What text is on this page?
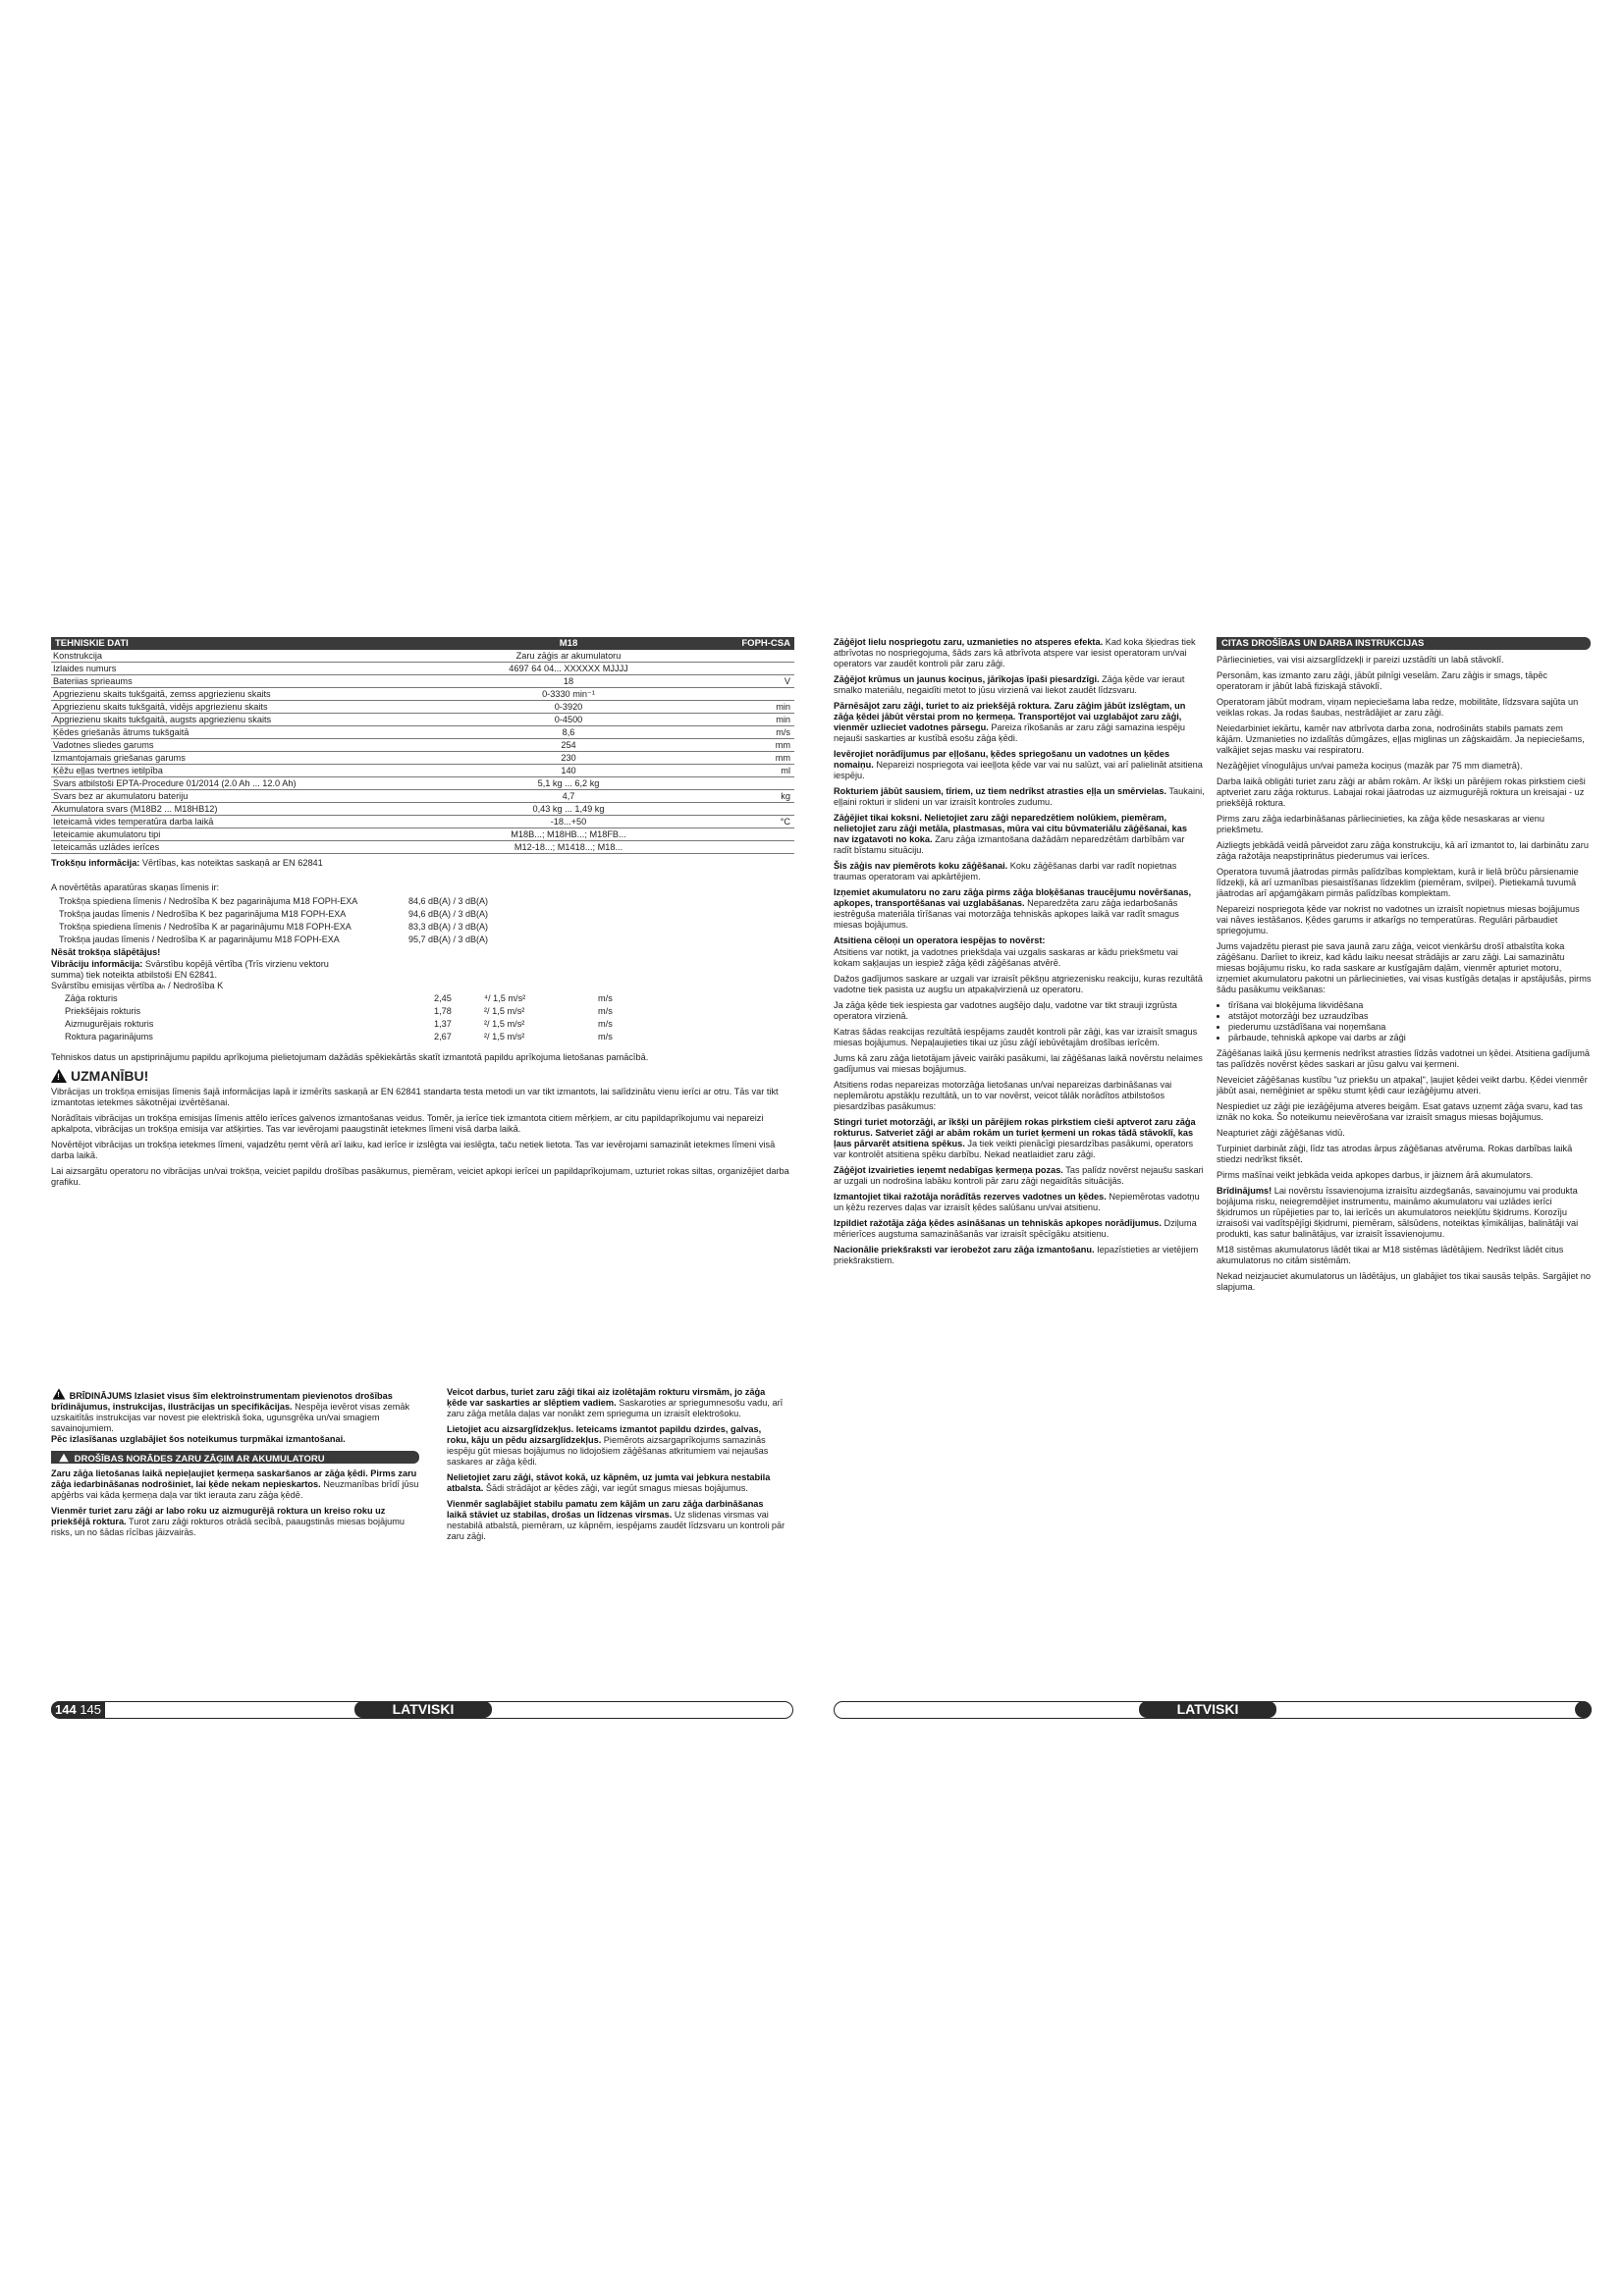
TEHNISKIE DATI	M18	FOPH-CSA
Konstrukcija	Zaru zāģis ar akumulatoru	
Izlaides numurs	4697 64 04... XXXXXX MJJJJ	
Bateriias sprieaums	18	V
Apgriezienu skaits tukšgaitā, zemss apgriezienu skaits	0-3330 min⁻¹	
Apgriezienu skaits tukšgaitā, vidējs apgriezienu skaits	0-3920	min
Apgriezienu skaits tukšgaitā, augsts apgriezienu skaits	0-4500	min
Ķēdes griešanās ātrums tukšgaitā	8,6	m/s
Vadotnes sliedes garums	254	mm
Izmantojamais griešanas garums	230	mm
Ķēžu eļļas tvertnes ietilpība	140	ml
Svars atbilstoši EPTA-Procedure 01/2014 (2.0 Ah ... 12.0 Ah)	5,1 kg ... 6,2 kg	
Svars bez ar akumulatoru bateriju	4,7	kg
Akumulatora svars (M18B2 ... M18HB12)	0,43 kg ... 1,49 kg	
Ieteicamā vides temperatūra darba laikā	-18...+50	°C
Ieteicamie akumulatoru tipi	M18B...; M18HB...; M18FB...	
Ieteicamās uzlādes ierīces	M12-18...; M1418...; M18...	

Trokšņu informācija: Vērtības, kas noteiktas saskaņā ar EN 62841

A novērtētās aparatūras skaņas līmenis ir:

Trokšņa spiediena līmenis / Nedrošība K bez pagarinājuma M18 FOPH-EXA	84,6 dB(A) / 3 dB(A)
Trokšņa jaudas līmenis / Nedrošība K bez pagarinājuma M18 FOPH-EXA	94,6 dB(A) / 3 dB(A)
Trokšņa spiediena līmenis / Nedrošība K ar pagarinājumu M18 FOPH-EXA	83,3 dB(A) / 3 dB(A)
Trokšņa jaudas līmenis / Nedrošība K ar pagarinājumu M18 FOPH-EXA	95,7 dB(A) / 3 dB(A)

Nēsāt trokšņa slāpētājus!

Vibrāciju informācija: Svārstību kopējā vērtība (Trīs virzienu vektoru summa) tiek noteikta atbilstoši EN 62841.

Svārstību emisijas vērtība aₕ / Nedrošība K

Zāģa rokturis	2,45	⁴/ 1,5 m/s²	m/s
Priekšējais rokturis	1,78	²/ 1,5 m/s²	m/s
Aizmugurējais rokturis	1,37	²/ 1,5 m/s²	m/s
Roktura pagarinājums	2,67	²/ 1,5 m/s²	m/s

Tehniskos datus un apstiprinājumu papildu aprīkojuma pielietojumam dažādās spēkiekārtās skatīt izmantotā papildu aprīkojuma lietošanas pamācībā.

! UZMANĪBU!

Vibrācijas un trokšņa emisijas līmenis šajā informācijas lapā ir izmērīts saskaņā ar EN 62841 standarta testa metodi un var tikt izmantots, lai salīdzinātu vienu ierīci ar otru. Tās var tikt izmantotas ietekmes sākotnējai izvērtēšanai.

Norādītais vibrācijas un trokšņa emisijas līmenis attēlo ierīces galvenos izmantošanas veidus. Tomēr, ja ierīce tiek izmantota citiem mērķiem, ar citu papildaprīkojumu vai nepareizi apkalpota, vibrācijas un trokšņa emisija var atšķirties. Tas var ievērojami paaugstināt ietekmes līmeni visā darba laikā.

Novērtējot vibrācijas un trokšņa ietekmes līmeni, vajadzētu ņemt vērā arī laiku, kad ierīce ir izslēgta vai ieslēgta, taču netiek lietota. Tas var ievērojami samazināt ietekmes līmeni visā darba laikā.

Lai aizsargātu operatoru no vibrācijas un/vai trokšņa, veiciet papildu drošības pasākumus, piemēram, veiciet apkopi ierīcei un papildaprīkojumam, uzturiet rokas siltas, organizējiet darba grafiku.

! BRĪDINĀJUMS Izlasiet visus šīm elektroinstrumentam pievienotos drošības brīdinājumus, instrukcijas, ilustrācijas un specifikācijas. Nespēja ievērot visas zemāk uzskaitītās instrukcijas var novest pie elektriskā šoka, ugunsgrēka un/vai smagiem savainojumiem.
Pēc izlasīšanas uzglabājiet šos noteikumus turpmākai izmantošanai.

DROŠĪBAS NORĀDES ZARU ZĀĢIM AR AKUMULATORU

Zaru zāģa lietošanas laikā nepieļaujiet ķermeņa saskaršanos ar zāģa ķēdi. Pirms zaru zāģa iedarbināšanas nodrošiniet, lai ķēde nekam nepieskartos. Neuzmanības brīdī jūsu apģērbs vai kāda ķermeņa daļa var tikt ierauta zaru zāģa ķēdē.

Vienmēr turiet zaru zāģi ar labo roku uz aizmugurējā roktura un kreiso roku uz priekšējā roktura. Turot zaru zāģi rokturos otrādā secībā, paaugstinās miesas bojājumu risks, un no šādas rīcības jāizvairās.

Veicot darbus, turiet zaru zāģi tikai aiz izolētajām rokturu virsmām, jo zāģa ķēde var saskarties ar slēptiem vadiem. Saskaroties ar spriegumnesošu vadu, arī zaru zāģa metāla daļas var nonākt zem sprieguma un izraisīt elektrošoku.

Lietojiet acu aizsarglīdzekļus. Ieteicams izmantot papildu dzirdes, galvas, roku, kāju un pēdu aizsarglīdzekļus. Piemērots aizsargaprīkojums samazinās iespēju gūt miesas bojājumus no lidojošiem zāģēšanas atkritumiem vai nejaušas saskares ar zāģa ķēdi.

Nelietojiet zaru zāģi, stāvot kokā, uz kāpnēm, uz jumta vai jebkura nestabila atbalsta. Šādi strādājot ar ķēdes zāģi, var iegūt smagus miesas bojājumus.

Vienmēr saglabājiet stabilu pamatu zem kājām un zaru zāģa darbināšanas laikā stāviet uz stabilas, drošas un līdzenas virsmas. Uz slidenas virsmas vai nestabilā atbalstā, piemēram, uz kāpnēm, iespējams zaudēt līdzsvaru un kontroli pār zaru zāģi.

144 145	LATVISKI

Zāģējot lielu nospriegotu zaru, uzmanieties no atsperes efekta. Kad koka šķiedras tiek atbrīvotas no nospriegojuma, šāds zars kā atbrīvota atspere var iesist operatoram un/vai operators var zaudēt kontroli pār zaru zāģi.

Zāģējot krūmus un jaunus kociņus, jārīkojas īpaši piesardzīgi. Zāģa ķēde var ieraut smalko materiālu, negaidīti metot to jūsu virzienā vai liekot zaudēt līdzsvaru.

Pārnēsājot zaru zāģi, turiet to aiz priekšējā roktura. Zaru zāģim jābūt izslēgtam, un zāģa ķēdei jābūt vērstai prom no ķermeņa. Transportējot vai uzglabājot zaru zāģi, vienmēr uzlieciet vadotnes pārsegu. Pareiza rīkošanās ar zaru zāģi samazina iespēju nejauši saskarties ar kustībā esošu zāģa ķēdi.

Ievērojiet norādījumus par eļļošanu, ķēdes spriegošanu un vadotnes un ķēdes nomaiņu. Nepareizi nospriegota vai ieeļļota ķēde var vai nu salūzt, vai arī palielināt atsitiena iespēju.

Rokturiem jābūt sausiem, tīriem, uz tiem nedrīkst atrasties eļļa un smērvielas. Taukaini, eļļaini rokturi ir slideni un var izraisīt kontroles zudumu.

Zāģējiet tikai koksni. Nelietojiet zaru zāģi neparedzētiem nolūkiem, piemēram, nelietojiet zaru zāģi metāla, plastmasas, mūra vai citu būvmateriālu zāģēšanai, kas nav izgatavoti no koka. Zaru zāģa izmantošana dažādām neparedzētām darbībām var radīt bīstamu situāciju.

Šis zāģis nav piemērots koku zāģēšanai. Koku zāģēšanas darbi var radīt nopietnas traumas operatoram vai apkārtējiem.

Izņemiet akumulatoru no zaru zāģa pirms zāģa bloķēšanas traucējumu novēršanas, apkopes, transportēšanas vai uzglabāšanas. Neparedzēta zaru zāģa iedarbošanās iestrēguša materiāla tīrīšanas vai motorzāģa tehniskās apkopes laikā var radīt smagus miesas bojājumus.

Atsitiena cēloņi un operatora iespējas to novērst:

Atsitiens var notikt, ja vadotnes priekšdaļa vai uzgalis saskaras ar kādu priekšmetu vai kokam saķļaujas un iespiež zāģa ķēdi zāģēšanas atvērē.

Dažos gadījumos saskare ar uzgali var izraisīt pēkšņu atgriezenisku reakciju, kuras rezultātā vadotne tiek pasista uz augšu un atpakaļvirzienā uz operatoru.

Ja zāģa ķēde tiek iespiesta gar vadotnes augšējo daļu, vadotne var tikt strauji izgrūsta operatora virzienā.

Katras šādas reakcijas rezultātā iespējams zaudēt kontroli pār zāģi, kas var izraisīt smagus miesas bojājumus. Nepaļaujieties tikai uz jūsu zāģī iebūvētajām drošības ierīcēm.

Jums kā zaru zāģa lietotājam jāveic vairāki pasākumi, lai zāģēšanas laikā novērstu nelaimes gadījumus vai miesas bojājumus.

Atsitiens rodas nepareizas motorzāģa lietošanas un/vai nepareizas darbināšanas vai neplemārotu apstākļu rezultātā, un to var novērst, veicot tālāk norādītos atbilstošos piesardzības pasākumus:

Stingri turiet motorzāģi, ar īkšķi un pārējiem rokas pirkstiem cieši aptverot zaru zāģa rokturus. Satveriet zāģi ar abām rokām un turiet ķermeni un rokas tādā stāvoklī, kas ļaus pārvarēt atsitiena spēkus. Ja tiek veikti pienācīgi piesardzības pasākumi, operators var kontrolēt atsitiena spēku darbību. Nekad neatlaidiet zaru zāģi.

Zāģējot izvairieties ieņemt nedabīgas ķermeņa pozas. Tas palīdz novērst nejaušu saskari ar uzgali un nodrošina labāku kontroli pār zaru zāģi negaidītās situācijās.

Izmantojiet tikai ražotāja norādītās rezerves vadotnes un ķēdes. Nepiemērotas vadotņu un ķēžu rezerves daļas var izraisīt ķēdes salūšanu un/vai atsitienu.

Izpildiet ražotāja zāģa ķēdes asināšanas un tehniskās apkopes norādījumus. Dziļuma mērierīces augstuma samazināšanās var izraisīt spēcīgāku atsitienu.

Nacionālie priekšraksti var ierobežot zaru zāģa izmantošanu. Iepazīstieties ar vietējiem priekšrakstiem.

CITAS DROŠĪBAS UN DARBA INSTRUKCIJAS

Pārliecinieties, vai visi aizsarglīdzekļi ir pareizi uzstādīti un labā stāvoklī.

Personām, kas izmanto zaru zāģi, jābūt pilnīgi veselām. Zaru zāģis ir smags, tāpēc operatoram ir jābūt labā fiziskajā stāvoklī.

Operatoram jābūt modram, viņam nepieciešama laba redze, mobilitāte, līdzsvara sajūta un veiklas rokas. Ja rodas šaubas, nestrādājiet ar zaru zāģi.

Neiedarbiniet iekārtu, kamēr nav atbrīvota darba zona, nodrošināts stabils pamats zem kājām. Uzmanieties no izdalītās dūmgāzes, eļļas miglinas un zāģskaidām. Ja nepieciešams, valkājiet sejas masku vai respiratoru.

Nezāģējiet vīnogulājus un/vai pameža kociņus (mazāk par 75 mm diametrā).

Darba laikā obligāti turiet zaru zāģi ar abām rokām. Ar īkšķi un pārējiem rokas pirkstiem cieši aptveriet zaru zāģa rokturus. Labajai rokai jāatrodas uz aizmugurējā roktura un kreisajai - uz priekšējā roktura.

Pirms zaru zāģa iedarbināšanas pārliecinieties, ka zāģa ķēde nesaskaras ar vienu priekšmetu.

Aizliegts jebkādā veidā pārveidot zaru zāģa konstrukciju, kā arī izmantot to, lai darbinātu zaru zāģa ražotāja neapstiprinātus piederumus vai ierīces.

Operatora tuvumā jāatrodas pirmās palīdzības komplektam, kurā ir lielā brūču pārsienamie līdzekļi, kā arī uzmanības piesaistīšanas līdzeklim (piemēram, svilpei). Pietiekamā tuvumā jāatrodas arī apģamģākam pirmās palīdzības komplektam.

Nepareizi nospriegota ķēde var nokrist no vadotnes un izraisīt nopietnus miesas bojājumus vai nāves iestāšanos. Ķēdes garums ir atkarīgs no temperatūras. Regulāri pārbaudiet spriegojumu.

Jums vajadzētu pierast pie sava jaunā zaru zāģa, veicot vienkāršu drošī atbalstīta koka zāģēšanu. Darīiet to ikreiz, kad kādu laiku neesat strādājis ar zaru zāģi. Lai samazinātu miesas bojājumu risku, ko rada saskare ar kustīgajām daļām, vienmēr apturiet motoru, izņemiet akumulatoru pakotni un pārliecinieties, vai visas kustīgās detaļas ir apstājušās, pirms šādu pasākumu veikšanas:

• tīrīšana vai bloķējuma likvidēšana
• atstājot motorzāģi bez uzraudzības
• piederumu uzstādīšana vai noņemšana
• pārbaude, tehniskā apkope vai darbs ar zāģi

Zāģēšanas laikā jūsu ķermenis nedrīkst atrasties līdzās vadotnei un ķēdei. Atsitiena gadījumā tas palīdzēs novērst ķēdes saskari ar jūsu galvu vai ķermeni.

Neveiciet zāģēšanas kustību "uz priekšu un atpakaļ", ļaujiet ķēdei veikt darbu. Ķēdei vienmēr jābūt asai, nemēģiniet ar spēku stumt ķēdi caur iezāģējumu atveri.

Nespiediet uz zāģi pie iezāģējuma atveres beigām. Esat gatavs uzņemt zāģa svaru, kad tas iznāk no koka. Šo noteikumu neievērošana var izraisīt smagus miesas bojājumus.

Neapturiet zāģi zāģēšanas vidū.

Turpiniet darbināt zāģi, līdz tas atrodas ārpus zāģēšanas atvēruma. Rokas darbības laikā stiedzi nedrīkst fiksēt.

Pirms mašīnai veikt jebkāda veida apkopes darbus, ir jāiznem ārā akumulators.

Brīdinājums! Lai novērstu īssavienojuma izraisītu aizdegšanās, savainojumu vai produkta bojājuma risku, neiegremdējiet instrumentu, maināmo akumulatoru vai uzlādes ierīci šķidrumos un rūpējieties par to, lai ierīcēs un akumulatoros neiekļūtu šķidrums. Korozīju izraisoši vai vadītspējīgi šķidrumi, piemēram, sālsūdens, noteiktas ķīmikālijas, balinātāji vai produkti, kas satur balinātājus, var izraisīt īssavienojumu.

M18 sistēmas akumulatorus lādēt tikai ar M18 sistēmas lādētājiem. Nedrīkst lādēt citus akumulatorus no citām sistēmām.

Nekad neizjauciet akumulatorus un lādētājus, un glabājiet tos tikai sausās telpās. Sargājiet no slapjuma.

LATVISKI
